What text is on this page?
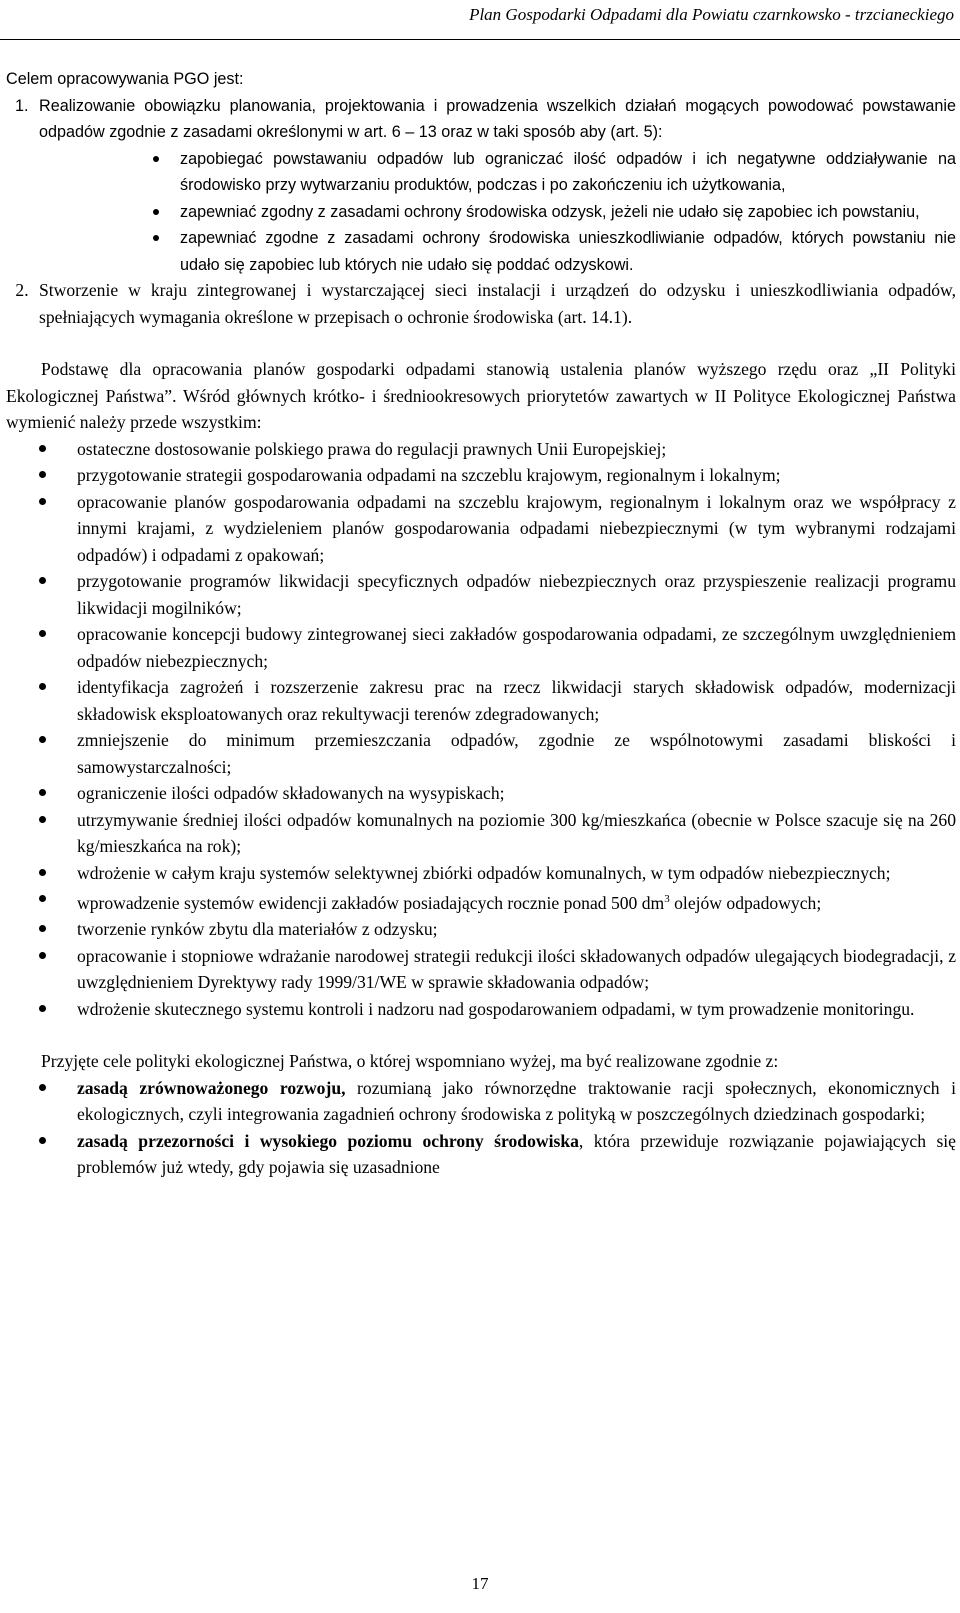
Plan Gospodarki Odpadami dla Powiatu czarnkowsko - trzcianeckiego
Celem opracowywania PGO jest:
1. Realizowanie obowiązku planowania, projektowania i prowadzenia wszelkich działań mogących powodować powstawanie odpadów zgodnie z zasadami określonymi w art. 6 – 13 oraz w taki sposób aby (art. 5):
zapobiegać powstawaniu odpadów lub ograniczać ilość odpadów i ich negatywne oddziaływanie na środowisko przy wytwarzaniu produktów, podczas i po zakończeniu ich użytkowania,
zapewniać zgodny z zasadami ochrony środowiska odzysk, jeżeli nie udało się zapobiec ich powstaniu,
zapewniać zgodne z zasadami ochrony środowiska unieszkodliwianie odpadów, których powstaniu nie udało się zapobiec lub których nie udało się poddać odzyskowi.
2. Stworzenie w kraju zintegrowanej i wystarczającej sieci instalacji i urządzeń do odzysku i unieszkodliwiania odpadów, spełniających wymagania określone w przepisach o ochronie środowiska (art. 14.1).
Podstawę dla opracowania planów gospodarki odpadami stanowią ustalenia planów wyższego rzędu oraz „II Polityki Ekologicznej Państwa”. Wśród głównych krótko- i średniookresowych priorytetów zawartych w II Polityce Ekologicznej Państwa wymienić należy przede wszystkim:
ostateczne dostosowanie polskiego prawa do regulacji prawnych Unii Europejskiej;
przygotowanie strategii gospodarowania odpadami na szczeblu krajowym, regionalnym i lokalnym;
opracowanie planów gospodarowania odpadami na szczeblu krajowym, regionalnym i lokalnym oraz we współpracy z innymi krajami, z wydzieleniem planów gospodarowania odpadami niebezpiecznymi (w tym wybranymi rodzajami odpadów) i odpadami z opakowań;
przygotowanie programów likwidacji specyficznych odpadów niebezpiecznych oraz przyspieszenie realizacji programu likwidacji mogilników;
opracowanie koncepcji budowy zintegrowanej sieci zakładów gospodarowania odpadami, ze szczególnym uwzględnieniem odpadów niebezpiecznych;
identyfikacja zagrożeń i rozszerzenie zakresu prac na rzecz likwidacji starych składowisk odpadów, modernizacji składowisk eksploatowanych oraz rekultywacji terenów zdegradowanych;
zmniejszenie do minimum przemieszczania odpadów, zgodnie ze wspólnotowymi zasadami bliskości i samowystarczalności;
ograniczenie ilości odpadów składowanych na wysypiskach;
utrzymywanie średniej ilości odpadów komunalnych na poziomie 300 kg/mieszkańca (obecnie w Polsce szacuje się na 260 kg/mieszkańca na rok);
wdrożenie w całym kraju systemów selektywnej zbiórki odpadów komunalnych, w tym odpadów niebezpiecznych;
wprowadzenie systemów ewidencji zakładów posiadających rocznie ponad 500 $dm^3$ olejów odpadowych;
tworzenie rynków zbytu dla materiałów z odzysku;
opracowanie i stopniowe wdrażanie narodowej strategii redukcji ilości składowanych odpadów ulegających biodegradacji, z uwzględnieniem Dyrektywy rady 1999/31/WE w sprawie składowania odpadów;
wdrożenie skutecznego systemu kontroli i nadzoru nad gospodarowaniem odpadami, w tym prowadzenie monitoringu.
Przyjęte cele polityki ekologicznej Państwa, o której wspomniano wyżej, ma być realizowane zgodnie z:
zasadą zrównoważonego rozwoju, rozumianą jako równorzędne traktowanie racji społecznych, ekonomicznych i ekologicznych, czyli integrowania zagadnień ochrony środowiska z polityką w poszczególnych dziedzinach gospodarki;
zasadą przezorności i wysokiego poziomu ochrony środowiska, która przewiduje rozwiązanie pojawiających się problemów już wtedy, gdy pojawia się uzasadnione
17
